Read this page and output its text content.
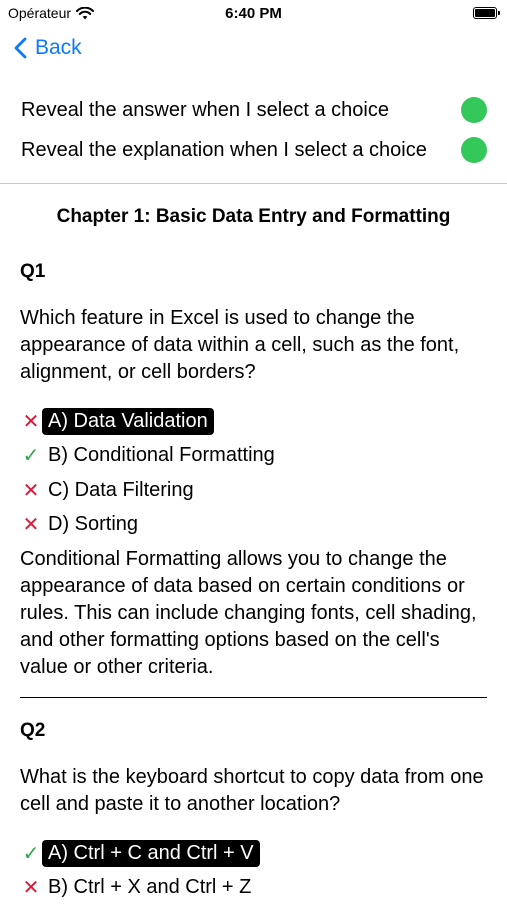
Opérateur	6:40 PM
Back
Reveal the answer when I select a choice
Reveal the explanation when I select a choice
Chapter 1: Basic Data Entry and Formatting
Q1
Which feature in Excel is used to change the appearance of data within a cell, such as the font, alignment, or cell borders?
✕ A) Data Validation
✓ B) Conditional Formatting
✕ C) Data Filtering
✕ D) Sorting
Conditional Formatting allows you to change the appearance of data based on certain conditions or rules. This can include changing fonts, cell shading, and other formatting options based on the cell's value or other criteria.
Q2
What is the keyboard shortcut to copy data from one cell and paste it to another location?
✓ A) Ctrl + C and Ctrl + V
✕ B) Ctrl + X and Ctrl + Z
